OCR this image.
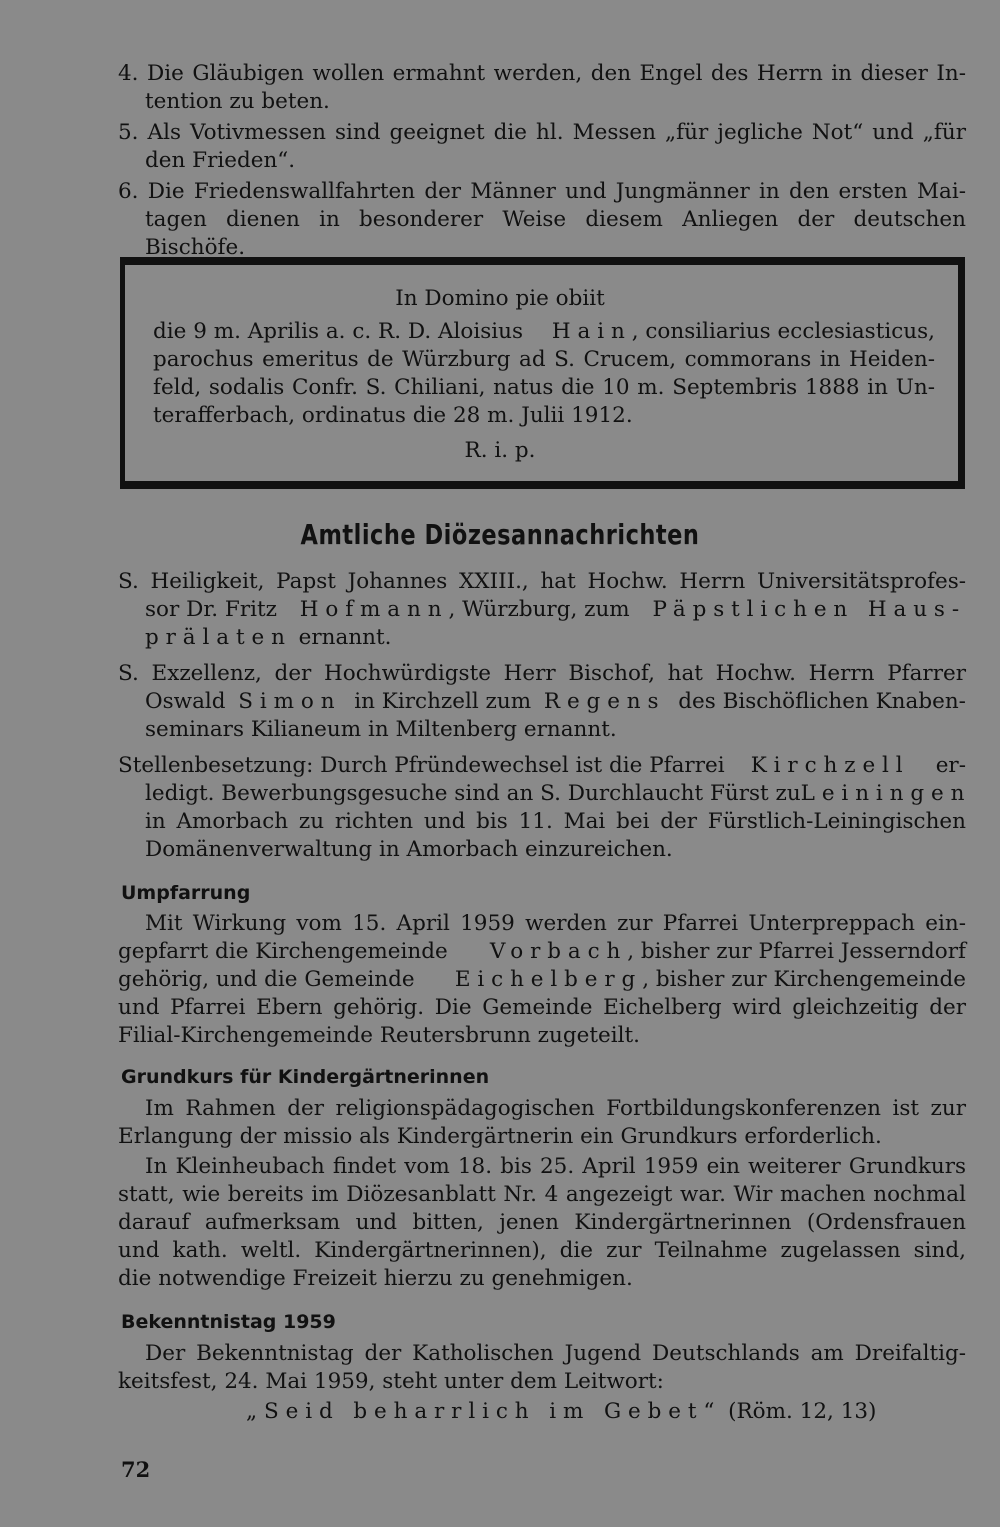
4. Die Gläubigen wollen ermahnt werden, den Engel des Herrn in dieser In-
tention zu beten.
5. Als Votivmessen sind geeignet die hl. Messen „für jegliche Not“ und „für
den Frieden“.
6. Die Friedenswallfahrten der Männer und Jungmänner in den ersten Mai-
tagen dienen in besonderer Weise diesem Anliegen der deutschen Bischöfe.
In Domino pie obiit
die 9 m. Aprilis a. c. R. D. Aloisius Hain, consiliarius ecclesiasticus,
parochus emeritus de Würzburg ad S. Crucem, commorans in Heiden-
feld, sodalis Confr. S. Chiliani, natus die 10 m. Septembris 1888 in Un-
terafferbach, ordinatus die 28 m. Julii 1912.
R. i. p.
Amtliche Diözesannachrichten
S. Heiligkeit, Papst Johannes XXIII., hat Hochw. Herrn Universitätsprofes-
sor Dr. Fritz Hofmann, Würzburg, zum Päpstlichen Haus-
prälaten ernannt.
S. Exzellenz, der Hochwürdigste Herr Bischof, hat Hochw. Herrn Pfarrer
Oswald Simon in Kirchzell zum Regens des Bischöflichen Knaben-
seminars Kilianeum in Miltenberg ernannt.
Stellenbesetzung: Durch Pfründewechsel ist die Pfarrei Kirchzell er-
ledigt. Bewerbungsgesuche sind an S. Durchlaucht Fürst zu Leiningen
in Amorbach zu richten und bis 11. Mai bei der Fürstlich-Leiningischen
Domänenverwaltung in Amorbach einzureichen.
Umpfarrung
Mit Wirkung vom 15. April 1959 werden zur Pfarrei Unterpreppach ein-
gepfarrt die Kirchengemeinde Vorbach, bisher zur Pfarrei Jesserndorf
gehörig, und die Gemeinde Eichelberg, bisher zur Kirchengemeinde
und Pfarrei Ebern gehörig. Die Gemeinde Eichelberg wird gleichzeitig der
Filial-Kirchengemeinde Reutersbrunn zugeteilt.
Grundkurs für Kindergärtnerinnen
Im Rahmen der religionspädagogischen Fortbildungskonferenzen ist zur
Erlangung der missio als Kindergärtnerin ein Grundkurs erforderlich.
In Kleinheubach findet vom 18. bis 25. April 1959 ein weiterer Grundkurs
statt, wie bereits im Diözesanblatt Nr. 4 angezeigt war. Wir machen nochmal
darauf aufmerksam und bitten, jenen Kindergärtnerinnen (Ordensfrauen
und kath. weltl. Kindergärtnerinnen), die zur Teilnahme zugelassen sind,
die notwendige Freizeit hierzu zu genehmigen.
Bekenntnistag 1959
Der Bekenntnistag der Katholischen Jugend Deutschlands am Dreifaltig-
keitsfest, 24. Mai 1959, steht unter dem Leitwort:
„Seid beharrlich im Gebet“ (Röm. 12, 13)
72
